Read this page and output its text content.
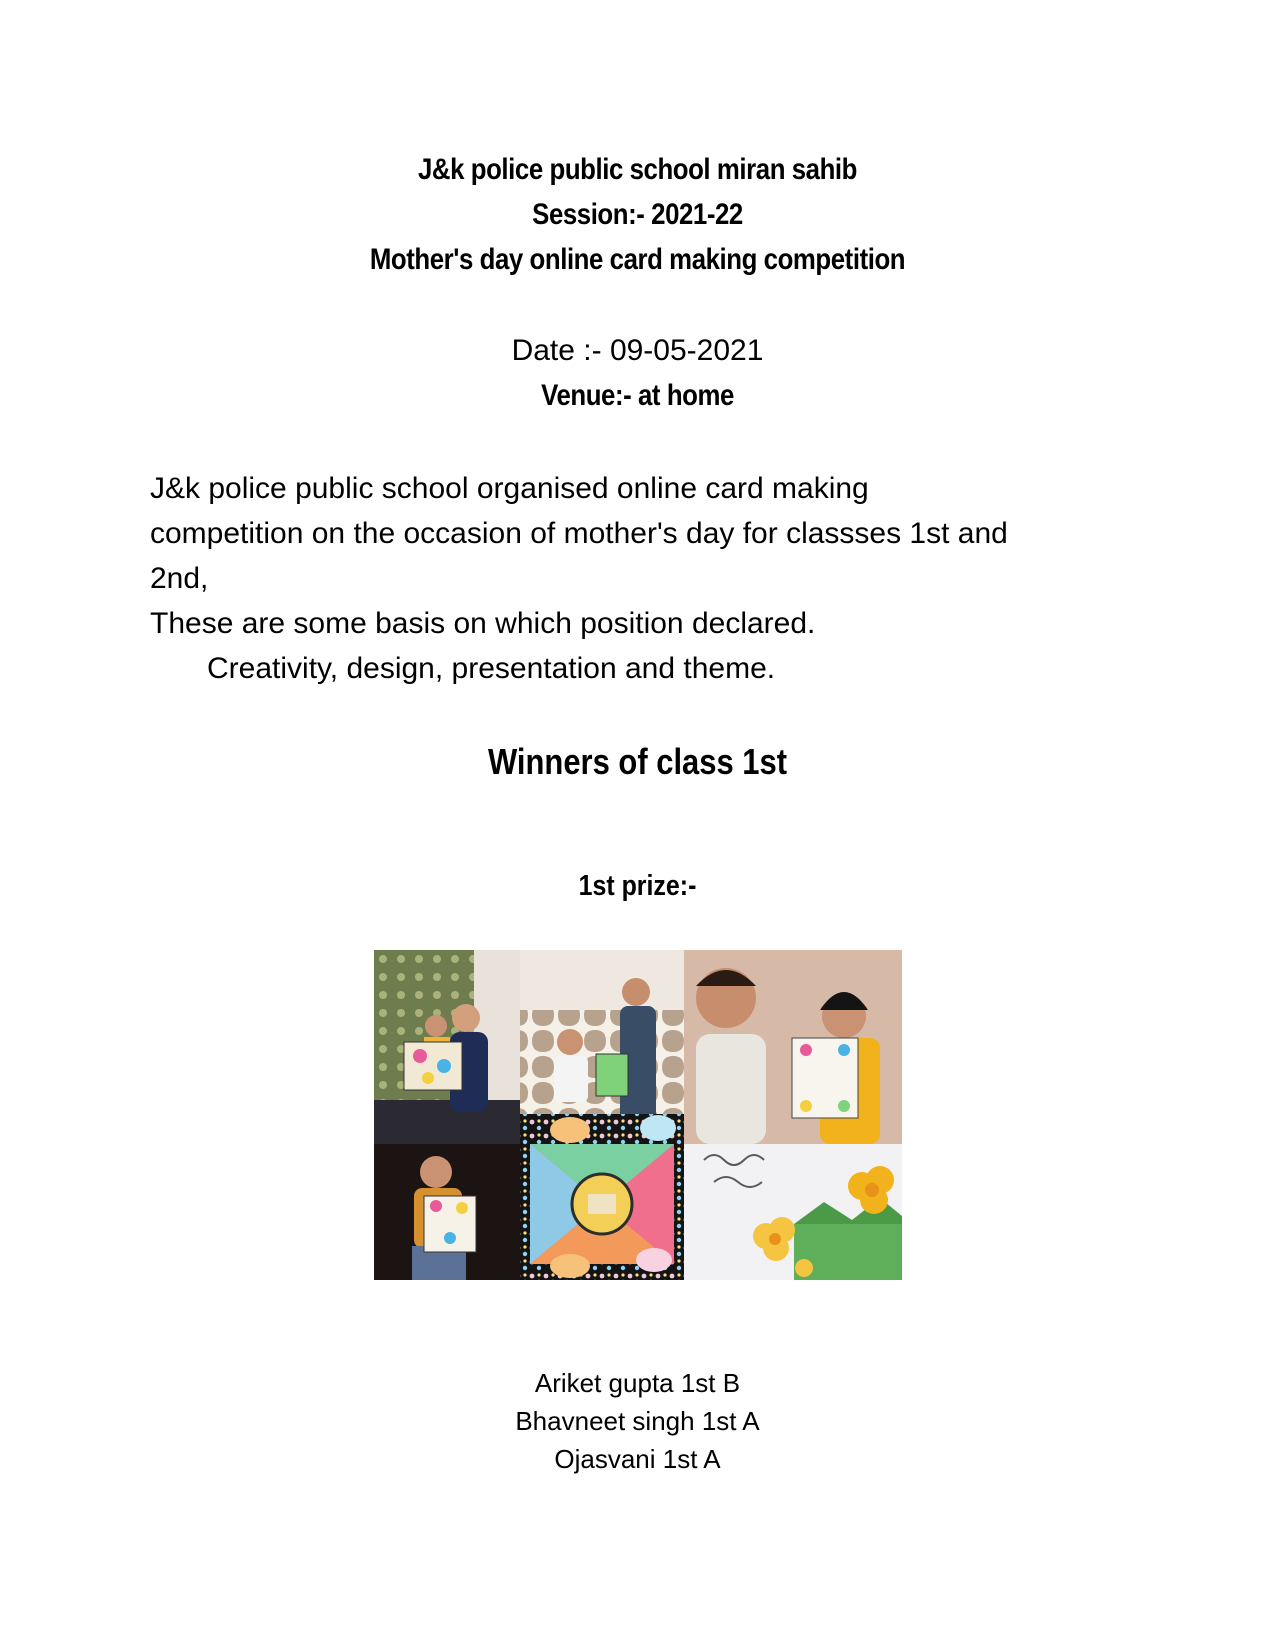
J&k police public school miran sahib
Session:- 2021-22
Mother's day online card making competition
Date :- 09-05-2021
Venue:- at home
J&k police public school organised online card making
competition on the occasion of mother's day for classses 1st and
2nd,
These are some basis on which position declared.
Creativity, design, presentation and theme.
Winners of class 1st
1st prize:-
Ariket gupta 1st B
Bhavneet singh 1st A
Ojasvani 1st A
